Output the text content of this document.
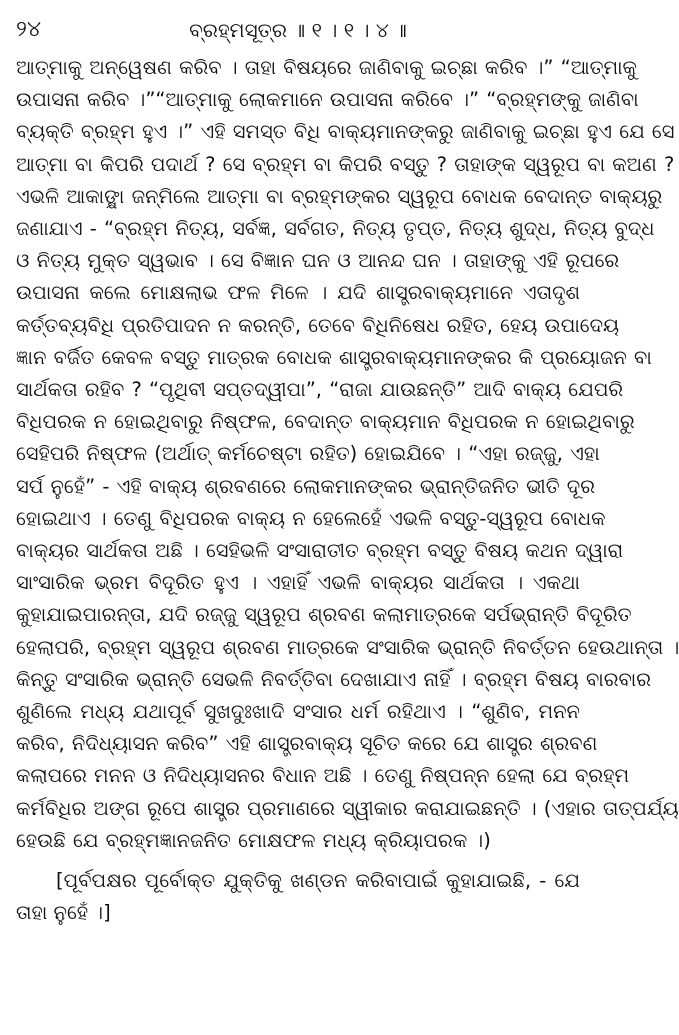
୨୪	ବ୍ରହ୍ମସୂତ୍ର ॥ ୧ । ୧ । ୪ ॥
ଆତ୍ମାକୁ ଅନ୍ୱେଷଣ କରିବ । ତାହା ବିଷୟରେ ଜାଣିବାକୁ ଇଚ୍ଛା କରିବ ।” “ଆତ୍ମାକୁ
ଉପାସନା କରିବ ।”“ଆତ୍ମାକୁ ଲୋକମାନେ ଉପାସନା କରିବେ ।” “ବ୍ରହ୍ମଙ୍କୁ ଜାଣିବା
ବ୍ୟକ୍ତି ବ୍ରହ୍ମ ହୁଏ ।” ଏହି ସମସ୍ତ ବିଧି ବାକ୍ୟମାନଙ୍କରୁ ଜାଣିବାକୁ ଇଚ୍ଛା ହୁଏ ଯେ ସେ
ଆତ୍ମା ବା କିପରି ପଦାର୍ଥ ? ସେ ବ୍ରହ୍ମ ବା କିପରି ବସ୍ତୁ ? ତାହାଙ୍କ ସ୍ୱରୂପ ବା କଅଣ ?
ଏଭଳି ଆକାଙ୍କ୍ଷା ଜନ୍ମିଲେ ଆତ୍ମା ବା ବ୍ରହ୍ମଙ୍କର ସ୍ୱରୂପ ବୋଧକ ବେଦାନ୍ତ ବାକ୍ୟରୁ
ଜଣାଯାଏ - “ବ୍ରହ୍ମ ନିତ୍ୟ, ସର୍ବଜ୍ଞ, ସର୍ବଗତ, ନିତ୍ୟ ତୃପ୍ତ, ନିତ୍ୟ ଶୁଦ୍ଧ, ନିତ୍ୟ ବୁଦ୍ଧ
ଓ ନିତ୍ୟ ମୁକ୍ତ ସ୍ୱଭାବ । ସେ ବିଜ୍ଞାନ ଘନ ଓ ଆନନ୍ଦ ଘନ । ତାହାଙ୍କୁ ଏହି ରୂପରେ
ଉପାସନା କଲେ ମୋକ୍ଷଲାଭ ଫଳ ମିଳେ । ଯଦି ଶାସ୍ତ୍ରବାକ୍ୟମାନେ ଏତାଦୃଶ
କର୍ତ୍ତବ୍ୟବିଧି ପ୍ରତିପାଦନ ନ କରନ୍ତି, ତେବେ ବିଧିନିଷେଧ ରହିତ, ହେୟ ଉପାଦେୟ
ଜ୍ଞାନ ବର୍ଜିତ କେବଳ ବସ୍ତୁ ମାତ୍ରକ ବୋଧକ ଶାସ୍ତ୍ରବାକ୍ୟମାନଙ୍କର କି ପ୍ରୟୋଜନ ବା
ସାର୍ଥକତା ରହିବ ? “ପୃଥିବୀ ସପ୍ତଦ୍ୱୀପା”, “ରାଜା ଯାଉଛନ୍ତି” ଆଦି ବାକ୍ୟ ଯେପରି
ବିଧିପରକ ନ ହୋଇଥିବାରୁ ନିଷ୍ଫଳ, ବେଦାନ୍ତ ବାକ୍ୟମାନ ବିଧିପରକ ନ ହୋଇଥିବାରୁ
ସେହିପରି ନିଷ୍ଫଳ (ଅର୍ଥାତ୍ କର୍ମଚେଷ୍ଟା ରହିତ) ହୋଇଯିବେ । “ଏହା ରଜ୍ଜୁ, ଏହା
ସର୍ପ ନୁହେଁ” - ଏହି ବାକ୍ୟ ଶ୍ରବଣରେ ଲୋକମାନଙ୍କର ଭ୍ରାନ୍ତିଜନିତ ଭୀତି ଦୂର
ହୋଇଥାଏ । ତେଣୁ ବିଧିପରକ ବାକ୍ୟ ନ ହେଲେହେଁ ଏଭଳି ବସ୍ତୁ-ସ୍ୱରୂପ ବୋଧକ
ବାକ୍ୟର ସାର୍ଥକତା ଅଛି । ସେହିଭଳି ସଂସାରାତୀତ ବ୍ରହ୍ମ ବସ୍ତୁ ବିଷୟ କଥନ ଦ୍ୱାରା
ସାଂସାରିକ ଭ୍ରମ ବିଦୂରିତ ହୁଏ । ଏହାହିଁ ଏଭଳି ବାକ୍ୟର ସାର୍ଥକତା । ଏକଥା
କୁହାଯାଇପାରନ୍ତା, ଯଦି ରଜ୍ଜୁ ସ୍ୱରୂପ ଶ୍ରବଣ କଲାମାତ୍ରକେ ସର୍ପଭ୍ରାନ୍ତି ବିଦୂରିତ
ହେଲାପରି, ବ୍ରହ୍ମ ସ୍ୱରୂପ ଶ୍ରବଣ ମାତ୍ରକେ ସଂସାରିକ ଭ୍ରାନ୍ତି ନିବର୍ତ୍ତନ ହେଉଥାନ୍ତା ।
କିନ୍ତୁ ସଂସାରିକ ଭ୍ରାନ୍ତି ସେଭଳି ନିବର୍ତ୍ତିବା ଦେଖାଯାଏ ନାହିଁ । ବ୍ରହ୍ମ ବିଷୟ ବାରବାର
ଶୁଣିଲେ ମଧ୍ୟ ଯଥାପୂର୍ବ ସୁଖଦୁଃଖାଦି ସଂସାର ଧର୍ମ ରହିଥାଏ । “ଶୁଣିବ, ମନନ
କରିବ, ନିଦିଧ୍ୟାସନ କରିବ” ଏହି ଶାସ୍ତ୍ରବାକ୍ୟ ସୂଚିତ କରେ ଯେ ଶାସ୍ତ୍ର ଶ୍ରବଣ
କଲାପରେ ମନନ ଓ ନିଦିଧ୍ୟାସନର ବିଧାନ ଅଛି । ତେଣୁ ନିଷ୍ପନ୍ନ ହେଲା ଯେ ବ୍ରହ୍ମ
କର୍ମବିଧିର ଅଙ୍ଗ ରୂପେ ଶାସ୍ତ୍ର ପ୍ରମାଣରେ ସ୍ୱୀକାର କରାଯାଇଛନ୍ତି । (ଏହାର ତାତ୍ପର୍ଯ୍ୟ
ହେଉଛି ଯେ ବ୍ରହ୍ମଜ୍ଞାନଜନିତ ମୋକ୍ଷଫଳ ମଧ୍ୟ କ୍ରିୟାପରକ ।)
[ପୂର୍ବପକ୍ଷର ପୂର୍ବୋକ୍ତ ଯୁକ୍ତିକୁ ଖଣ୍ଡନ କରିବାପାଇଁ କୁହାଯାଇଛି, - ଯେ
ତାହା ନୁହେଁ ।]
